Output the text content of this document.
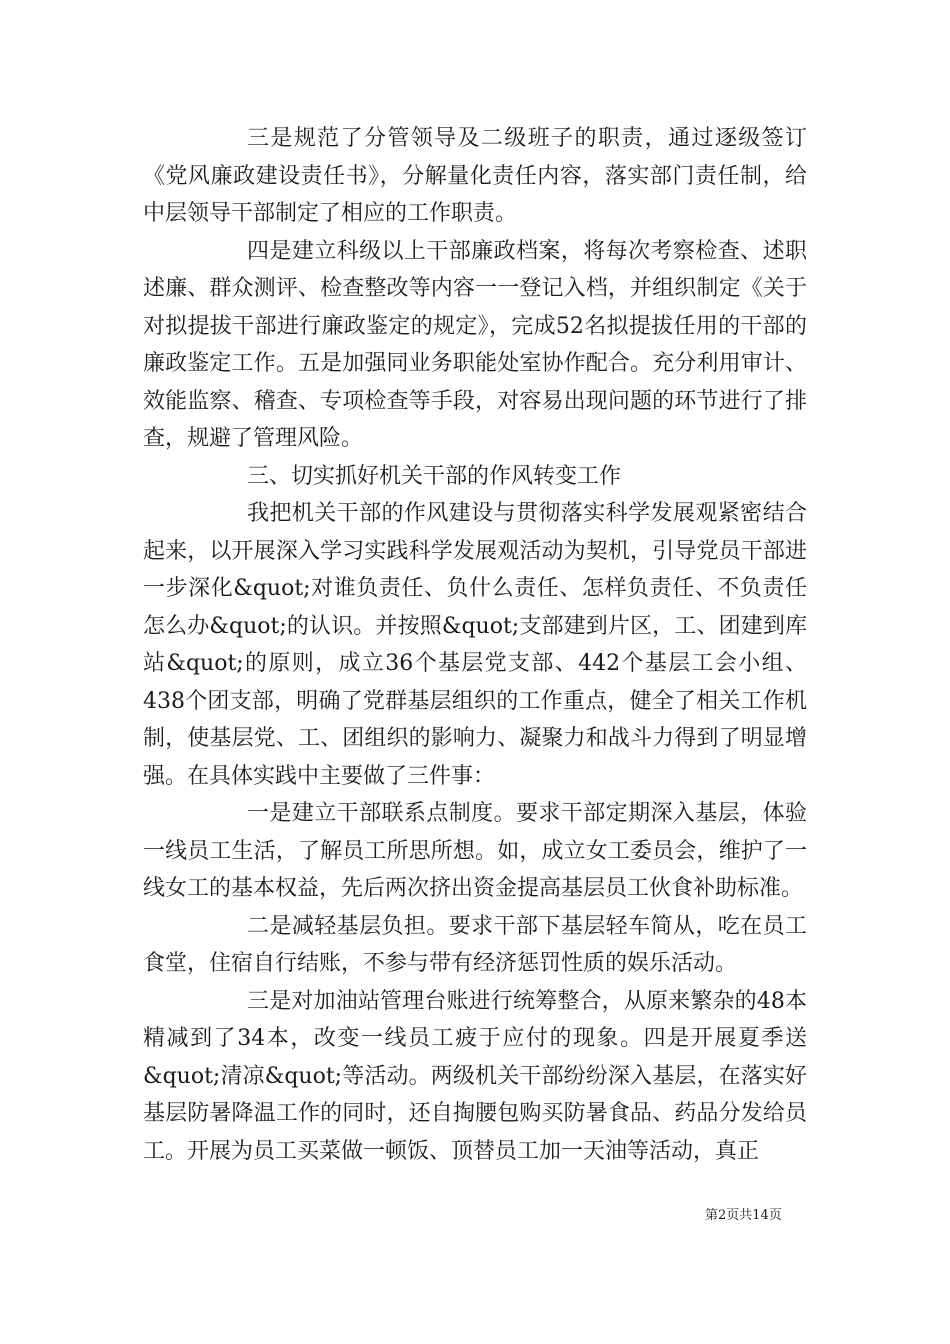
三是规范了分管领导及二级班子的职责，通过逐级签订《党风廉政建设责任书》，分解量化责任内容，落实部门责任制，给中层领导干部制定了相应的工作职责。

四是建立科级以上干部廉政档案，将每次考察检查、述职述廉、群众测评、检查整改等内容一一登记入档，并组织制定《关于对拟提拔干部进行廉政鉴定的规定》，完成52名拟提拔任用的干部的廉政鉴定工作。五是加强同业务职能处室协作配合。充分利用审计、效能监察、稽查、专项检查等手段，对容易出现问题的环节进行了排查，规避了管理风险。

三、切实抓好机关干部的作风转变工作

我把机关干部的作风建设与贯彻落实科学发展观紧密结合起来，以开展深入学习实践科学发展观活动为契机，引导党员干部进一步深化&quot;对谁负责任、负什么责任、怎样负责任、不负责任怎么办&quot;的认识。并按照&quot;支部建到片区，工、团建到库站&quot;的原则，成立36个基层党支部、442个基层工会小组、438个团支部，明确了党群基层组织的工作重点，健全了相关工作机制，使基层党、工、团组织的影响力、凝聚力和战斗力得到了明显增强。在具体实践中主要做了三件事：

一是建立干部联系点制度。要求干部定期深入基层，体验一线员工生活，了解员工所思所想。如，成立女工委员会，维护了一线女工的基本权益，先后两次挤出资金提高基层员工伙食补助标准。

二是减轻基层负担。要求干部下基层轻车简从，吃在员工食堂，住宿自行结账，不参与带有经济惩罚性质的娱乐活动。

三是对加油站管理台账进行统筹整合，从原来繁杂的48本精减到了34本，改变一线员工疲于应付的现象。四是开展夏季送&quot;清凉&quot;等活动。两级机关干部纷纷深入基层，在落实好基层防暑降温工作的同时，还自掏腰包购买防暑食品、药品分发给员工。开展为员工买菜做一顿饭、顶替员工加一天油等活动，真正

第2页共14页
